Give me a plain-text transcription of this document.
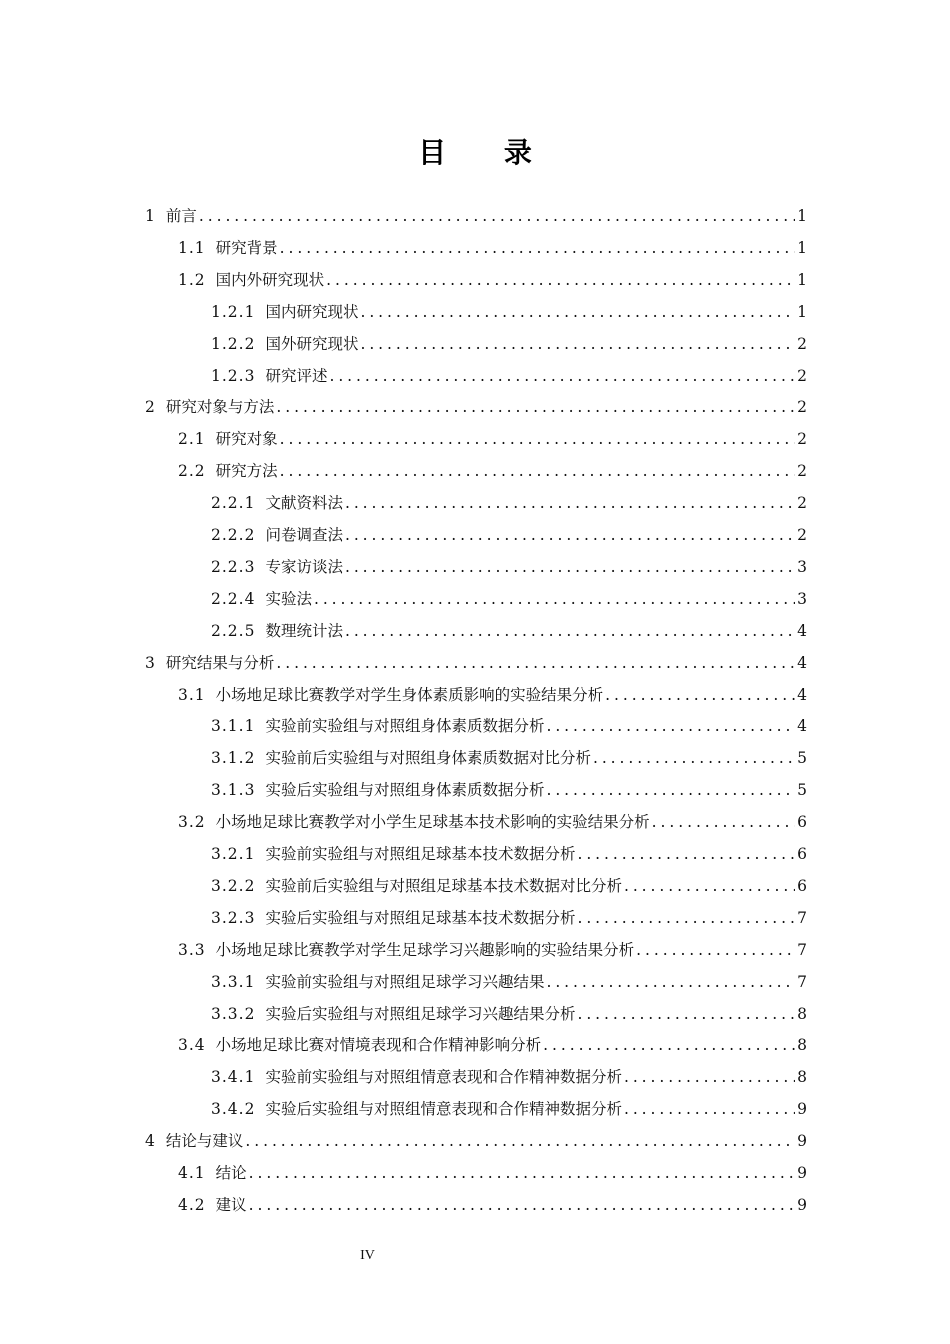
目 录
1 前言 . . .	1
1.1 研究背景 . . .	1
1.2 国内外研究现状 . . .	1
1.2.1 国内研究现状 . . .	1
1.2.2 国外研究现状 . . .	2
1.2.3 研究评述 . . .	2
2 研究对象与方法 . . .	2
2.1 研究对象 . . .	2
2.2 研究方法 . . .	2
2.2.1 文献资料法 . . .	2
2.2.2 问卷调查法 . . .	2
2.2.3 专家访谈法 . . .	3
2.2.4 实验法 . . .	3
2.2.5 数理统计法 . . .	4
3 研究结果与分析 . . .	4
3.1 小场地足球比赛教学对学生身体素质影响的实验结果分析 . . .	4
3.1.1 实验前实验组与对照组身体素质数据分析 . . .	4
3.1.2 实验前后实验组与对照组身体素质数据对比分析 . . .	5
3.1.3 实验后实验组与对照组身体素质数据分析 . . .	5
3.2 小场地足球比赛教学对小学生足球基本技术影响的实验结果分析 . . .	6
3.2.1 实验前实验组与对照组足球基本技术数据分析 . . .	6
3.2.2 实验前后实验组与对照组足球基本技术数据对比分析 . . .	6
3.2.3 实验后实验组与对照组足球基本技术数据分析 . . .	7
3.3 小场地足球比赛教学对学生足球学习兴趣影响的实验结果分析 . . .	7
3.3.1 实验前实验组与对照组足球学习兴趣结果 . . .	7
3.3.2 实验后实验组与对照组足球学习兴趣结果分析 . . .	8
3.4 小场地足球比赛对情境表现和合作精神影响分析 . . .	8
3.4.1 实验前实验组与对照组情意表现和合作精神数据分析 . . .	8
3.4.2 实验后实验组与对照组情意表现和合作精神数据分析 . . .	9
4 结论与建议 . . .	9
4.1 结论 . . .	9
4.2 建议 . . .	9
IV
